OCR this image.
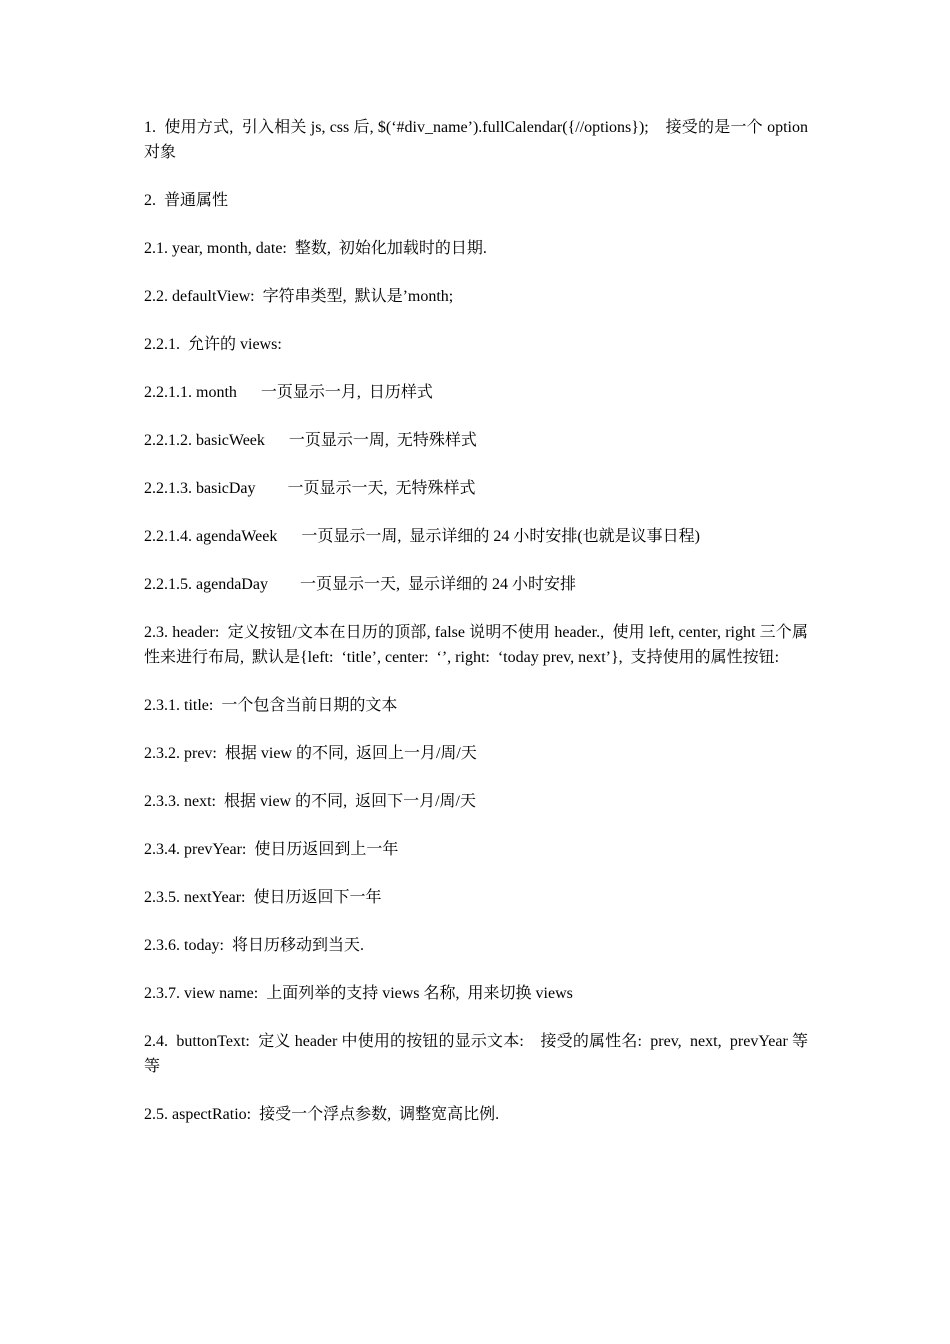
1.  使用方式,  引入相关 js, css 后, $(‘#div_name’).fullCalendar({//options});    接受的是一个 option 对象

2.  普通属性

2.1. year, month, date:  整数,  初始化加载时的日期.

2.2. defaultView:  字符串类型,  默认是’month;

2.2.1.  允许的 views:

2.2.1.1. month      一页显示一月,  日历样式

2.2.1.2. basicWeek      一页显示一周,  无特殊样式

2.2.1.3. basicDay        一页显示一天,  无特殊样式

2.2.1.4. agendaWeek      一页显示一周,  显示详细的 24 小时安排(也就是议事日程)

2.2.1.5. agendaDay        一页显示一天,  显示详细的 24 小时安排

2.3. header:  定义按钮/文本在日历的顶部, false 说明不使用 header.,  使用 left, center, right 三个属性来进行布局,  默认是{left:  ‘title’, center:  ‘’, right:  ‘today prev, next’},  支持使用的属性按钮:

2.3.1. title:  一个包含当前日期的文本

2.3.2. prev:  根据 view 的不同,  返回上一月/周/天

2.3.3. next:  根据 view 的不同,  返回下一月/周/天

2.3.4. prevYear:  使日历返回到上一年

2.3.5. nextYear:  使日历返回下一年

2.3.6. today:  将日历移动到当天.

2.3.7. view name:  上面列举的支持 views 名称,  用来切换 views

2.4.  buttonText:  定义 header 中使用的按钮的显示文本:    接受的属性名:  prev,  next,  prevYear 等等

2.5. aspectRatio:  接受一个浮点参数,  调整宽高比例.
